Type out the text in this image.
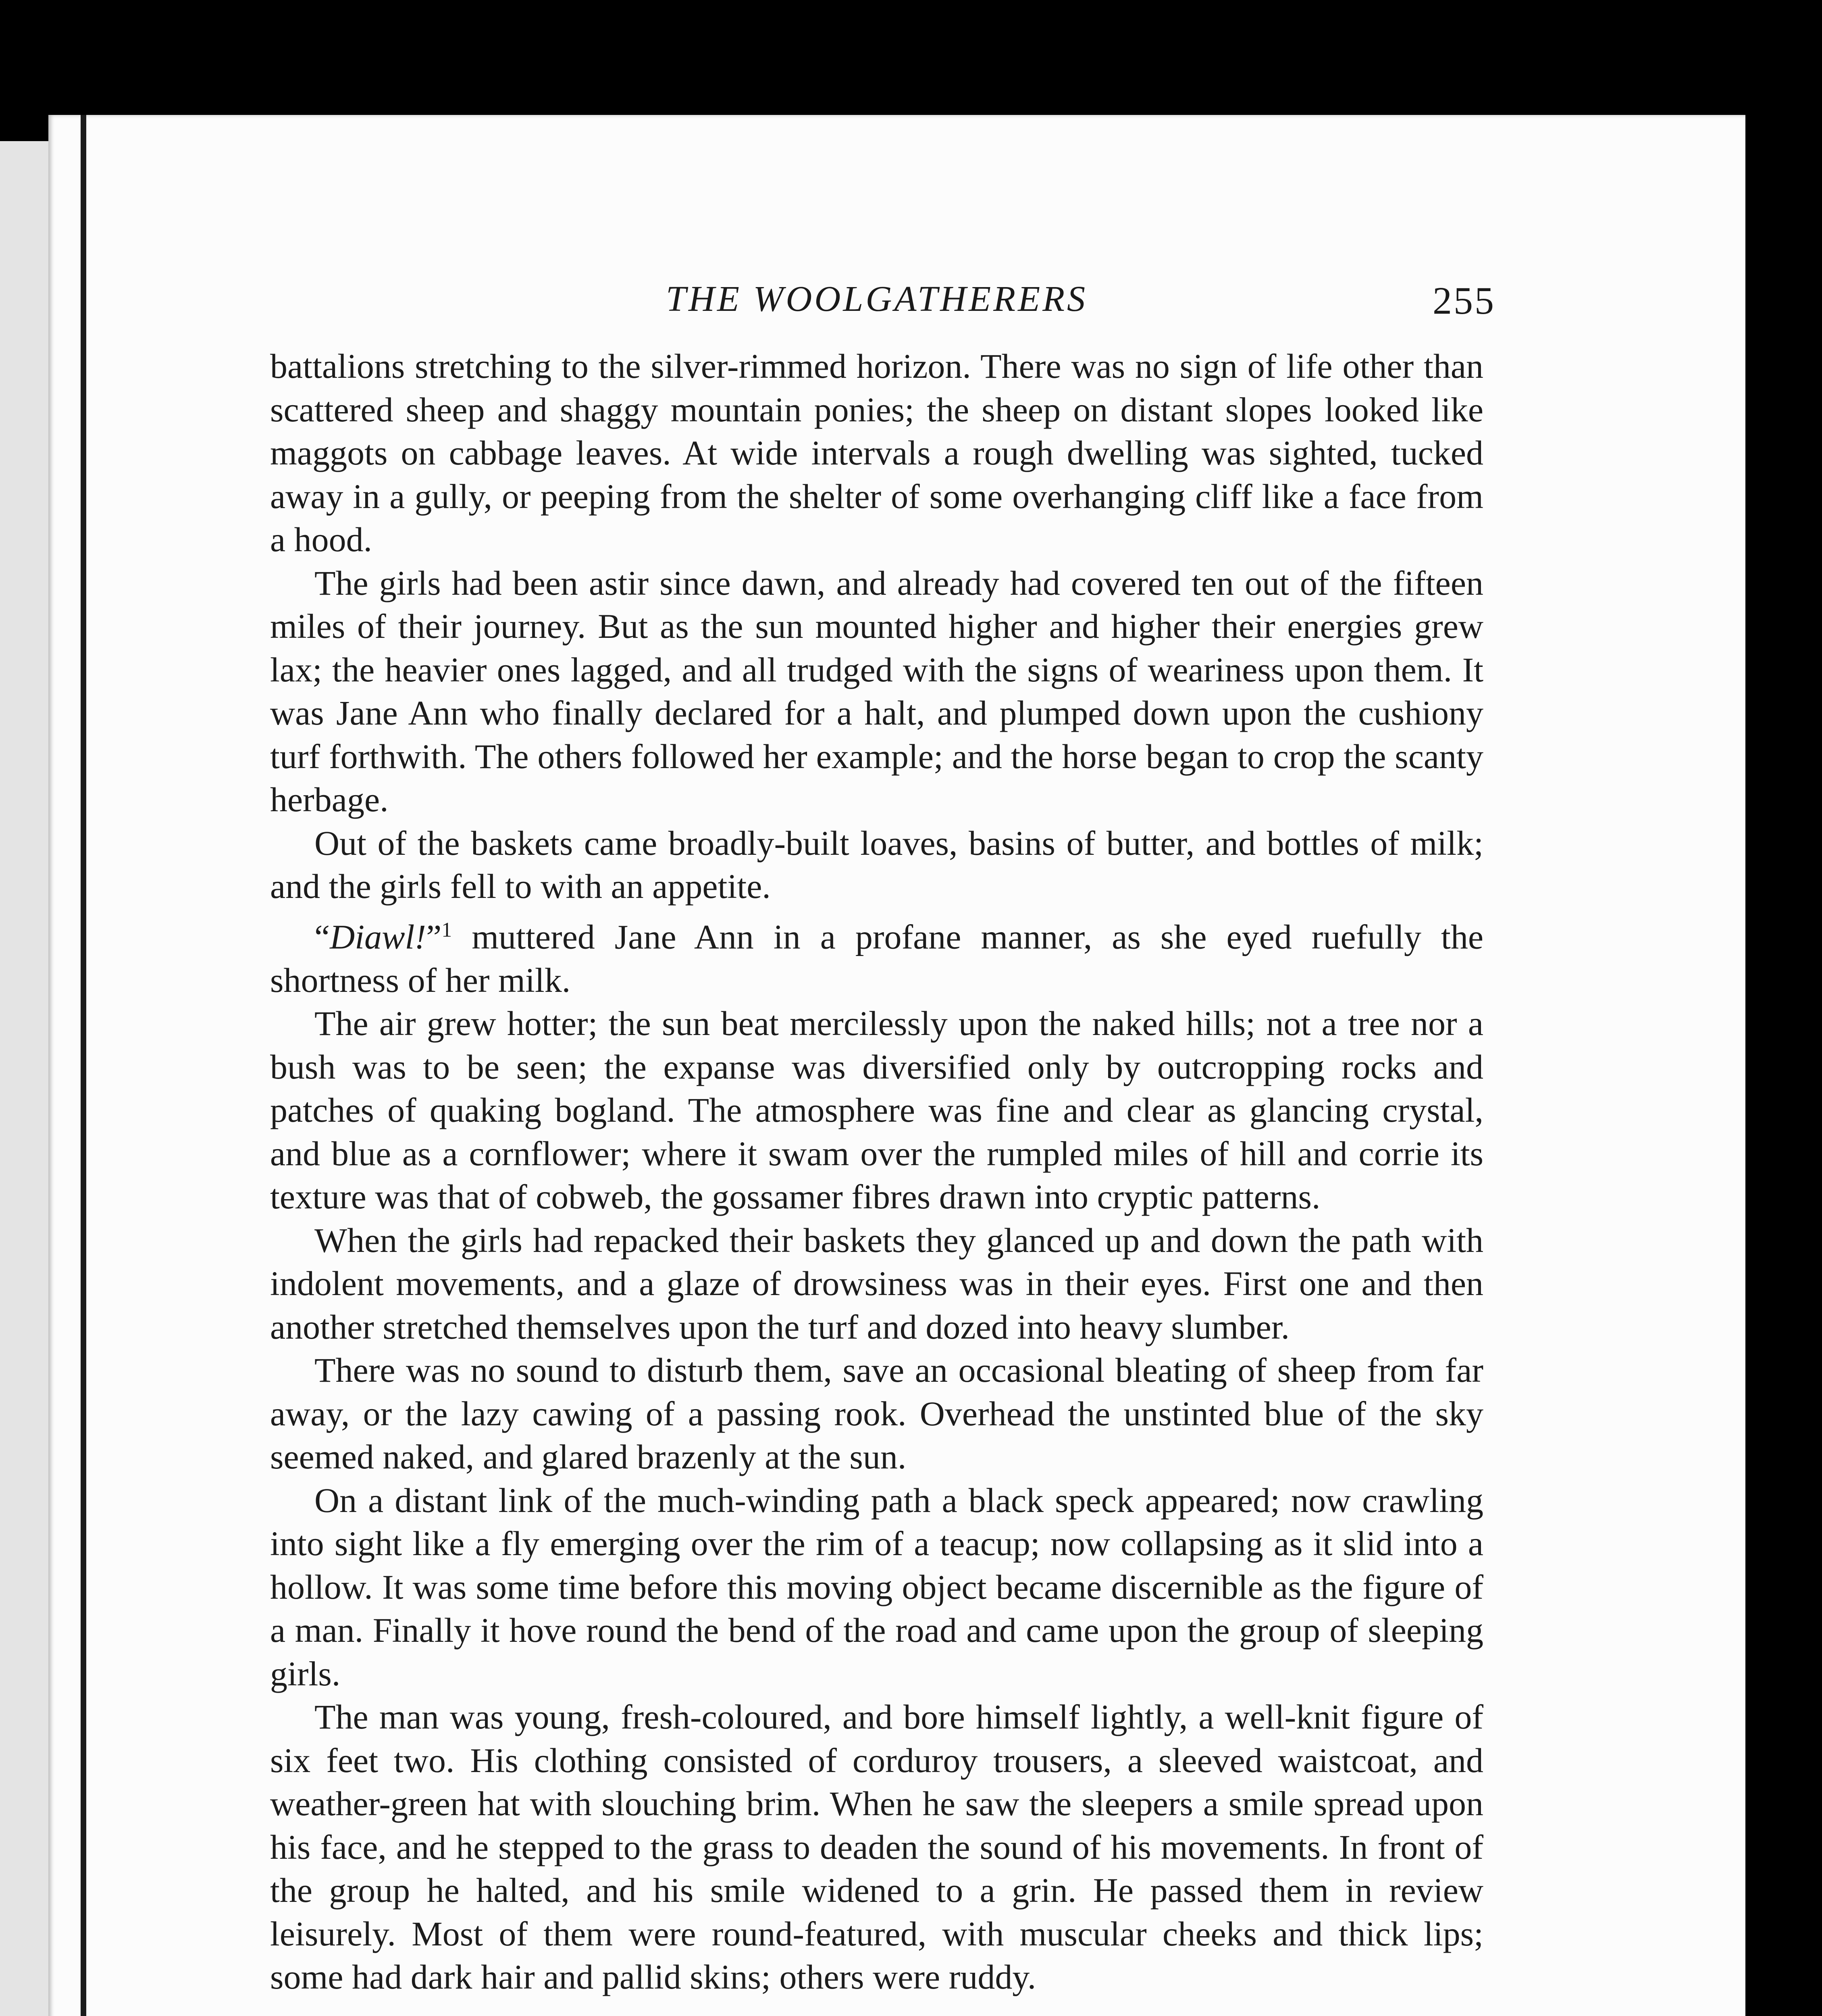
THE WOOLGATHERERS	255

battalions stretching to the silver-rimmed horizon. There was no sign of life other than scattered sheep and shaggy mountain ponies; the sheep on distant slopes looked like maggots on cabbage leaves. At wide intervals a rough dwelling was sighted, tucked away in a gully, or peeping from the shelter of some overhanging cliff like a face from a hood.

The girls had been astir since dawn, and already had covered ten out of the fifteen miles of their journey. But as the sun mounted higher and higher their energies grew lax; the heavier ones lagged, and all trudged with the signs of weariness upon them. It was Jane Ann who finally declared for a halt, and plumped down upon the cushiony turf forthwith. The others followed her example; and the horse began to crop the scanty herbage.

Out of the baskets came broadly-built loaves, basins of butter, and bottles of milk; and the girls fell to with an appetite.

“Diawl!”$^1$ muttered Jane Ann in a profane manner, as she eyed ruefully the shortness of her milk.

The air grew hotter; the sun beat mercilessly upon the naked hills; not a tree nor a bush was to be seen; the expanse was diversified only by outcropping rocks and patches of quaking bogland. The atmosphere was fine and clear as glancing crystal, and blue as a cornflower; where it swam over the rumpled miles of hill and corrie its texture was that of cobweb, the gossamer fibres drawn into cryptic patterns.

When the girls had repacked their baskets they glanced up and down the path with indolent movements, and a glaze of drowsiness was in their eyes. First one and then another stretched themselves upon the turf and dozed into heavy slumber.

There was no sound to disturb them, save an occasional bleating of sheep from far away, or the lazy cawing of a passing rook. Overhead the unstinted blue of the sky seemed naked, and glared brazenly at the sun.

On a distant link of the much-winding path a black speck appeared; now crawling into sight like a fly emerging over the rim of a teacup; now collapsing as it slid into a hollow. It was some time before this moving object became discernible as the figure of a man. Finally it hove round the bend of the road and came upon the group of sleeping girls.

The man was young, fresh-coloured, and bore himself lightly, a well-knit figure of six feet two. His clothing consisted of corduroy trousers, a sleeved waistcoat, and weather-green hat with slouching brim. When he saw the sleepers a smile spread upon his face, and he stepped to the grass to deaden the sound of his movements. In front of the group he halted, and his smile widened to a grin. He passed them in review leisurely. Most of them were round-featured, with muscular cheeks and thick lips; some had dark hair and pallid skins; others were ruddy.
